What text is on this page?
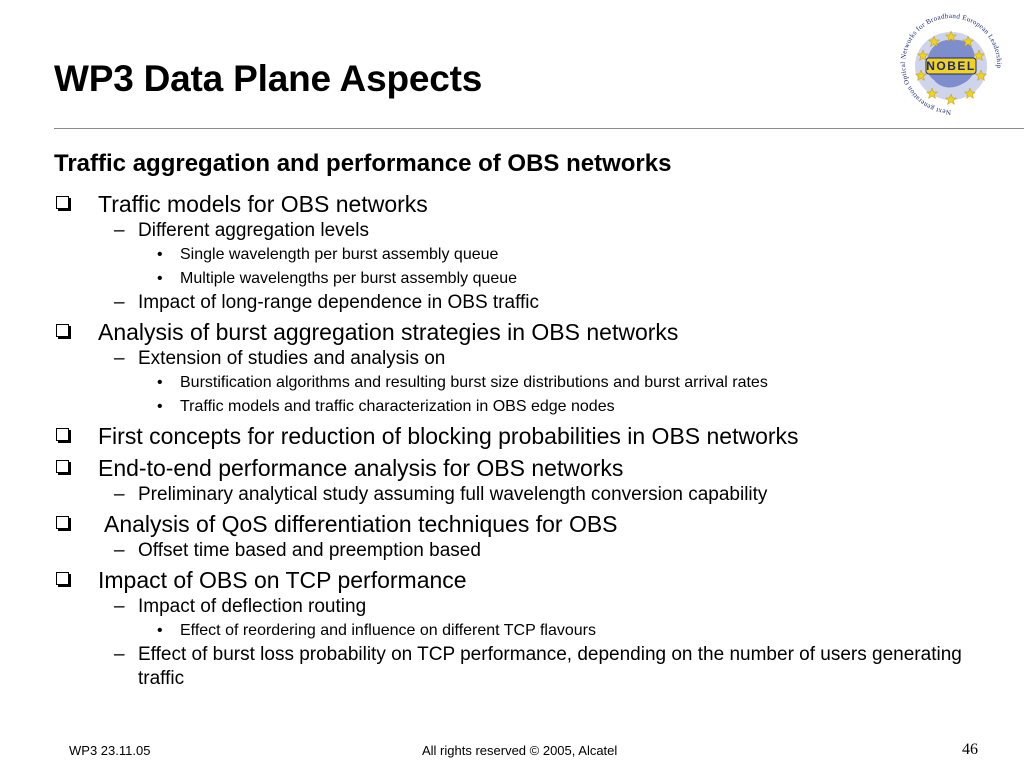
WP3 Data Plane Aspects	NOBEL
Next generation Optical Networks for Broadband European Leadership
Traffic aggregation and performance of OBS networks
Traffic models for OBS networks
– Different aggregation levels
• Single wavelength per burst assembly queue
• Multiple wavelengths per burst assembly queue
– Impact of long-range dependence in OBS traffic
Analysis of burst aggregation strategies in OBS networks
– Extension of studies and analysis on
• Burstification algorithms and resulting burst size distributions and burst arrival rates
• Traffic models and traffic characterization in OBS edge nodes
First concepts for reduction of blocking probabilities in OBS networks
End-to-end performance analysis for OBS networks
– Preliminary analytical study assuming full wavelength conversion capability
Analysis of QoS differentiation techniques for OBS
– Offset time based and preemption based
Impact of OBS on TCP performance
– Impact of deflection routing
• Effect of reordering and influence on different TCP flavours
– Effect of burst loss probability on TCP performance, depending on the number of users generating traffic
WP3 23.11.05	All rights reserved © 2005, Alcatel	46
